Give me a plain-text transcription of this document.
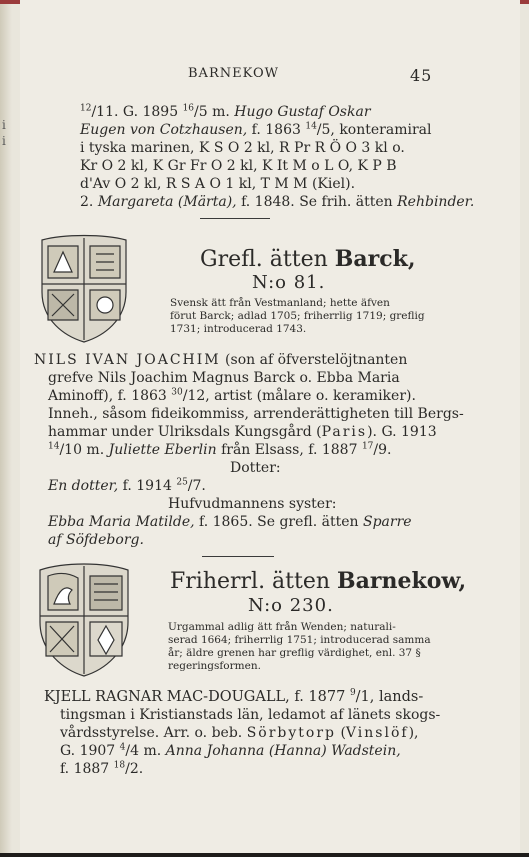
i
i
BARNEKOW	45
$^{12}$/11. G. 1895 $^{16}$/5 m. Hugo Gustaf Oskar
Eugen von Cotzhausen, f. 1863 $^{14}$/5, konteramiral
i tyska marinen, K S O 2 kl, R Pr R Ö O 3 kl o.
Kr O 2 kl, K Gr Fr O 2 kl, K It M o L O, K P B
d'Av O 2 kl, R S A O 1 kl, T M M (Kiel).
2. Margareta (Märta), f. 1848. Se frih. ätten Rehbinder.
Grefl. ätten Barck,
N:o 81.
Svensk ätt från Vestmanland; hette äfven
förut Barck; adlad 1705; friherrlig 1719; greflig
1731; introducerad 1743.
NILS IVAN JOACHIM (son af öfverstelöjtnanten
grefve Nils Joachim Magnus Barck o. Ebba Maria
Aminoff), f. 1863 $^{30}$/12, artist (målare o. keramiker).
Inneh., såsom fideikommiss, arrenderättigheten till Bergs-
hammar under Ulriksdals Kungsgård (Paris). G. 1913
$^{14}$/10 m. Juliette Eberlin från Elsass, f. 1887 $^{17}$/9.
Dotter:
En dotter, f. 1914 $^{25}$/7.
Hufvudmannens syster:
Ebba Maria Matilde, f. 1865. Se grefl. ätten Sparre
af Söfdeborg.
Friherrl. ätten Barnekow,
N:o 230.
Urgammal adlig ätt från Wenden; naturali-
serad 1664; friherrlig 1751; introducerad samma
år; äldre grenen har greflig värdighet, enl. 37 §
regeringsformen.
KJELL RAGNAR MAC-DOUGALL, f. 1877 $^9$/1, lands-
tingsman i Kristianstads län, ledamot af länets skogs-
vårdsstyrelse. Arr. o. beb. Sörbytorp (Vinslöf),
G. 1907 $^4$/4 m. Anna Johanna (Hanna) Wadstein,
f. 1887 $^{18}$/2.
